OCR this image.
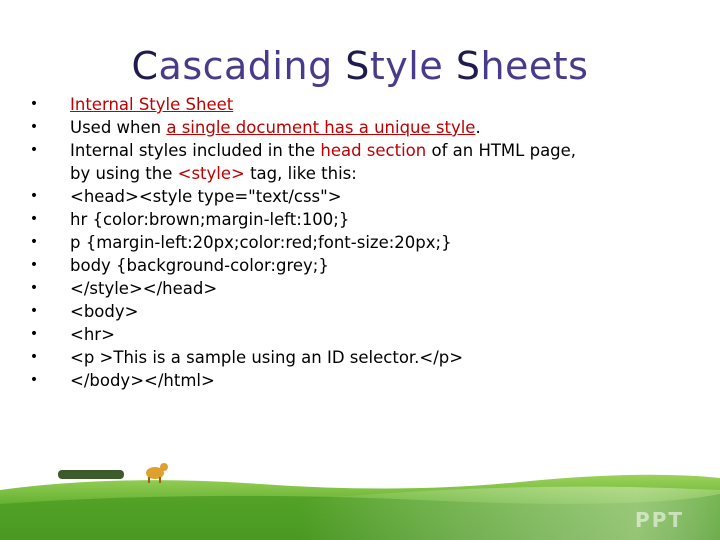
Cascading Style Sheets
• Internal Style Sheet
• Used when a single document has a unique style.
• Internal styles included in the head section of an HTML page,
by using the <style> tag, like this:
• <head><style type="text/css">
• hr {color:brown;margin-left:100;}
• p {margin-left:20px;color:red;font-size:20px;}
• body {background-color:grey;}
• </style></head>
• <body>
• <hr>
• <p >This is a sample using an ID selector.</p>
• </body></html>
PPT
